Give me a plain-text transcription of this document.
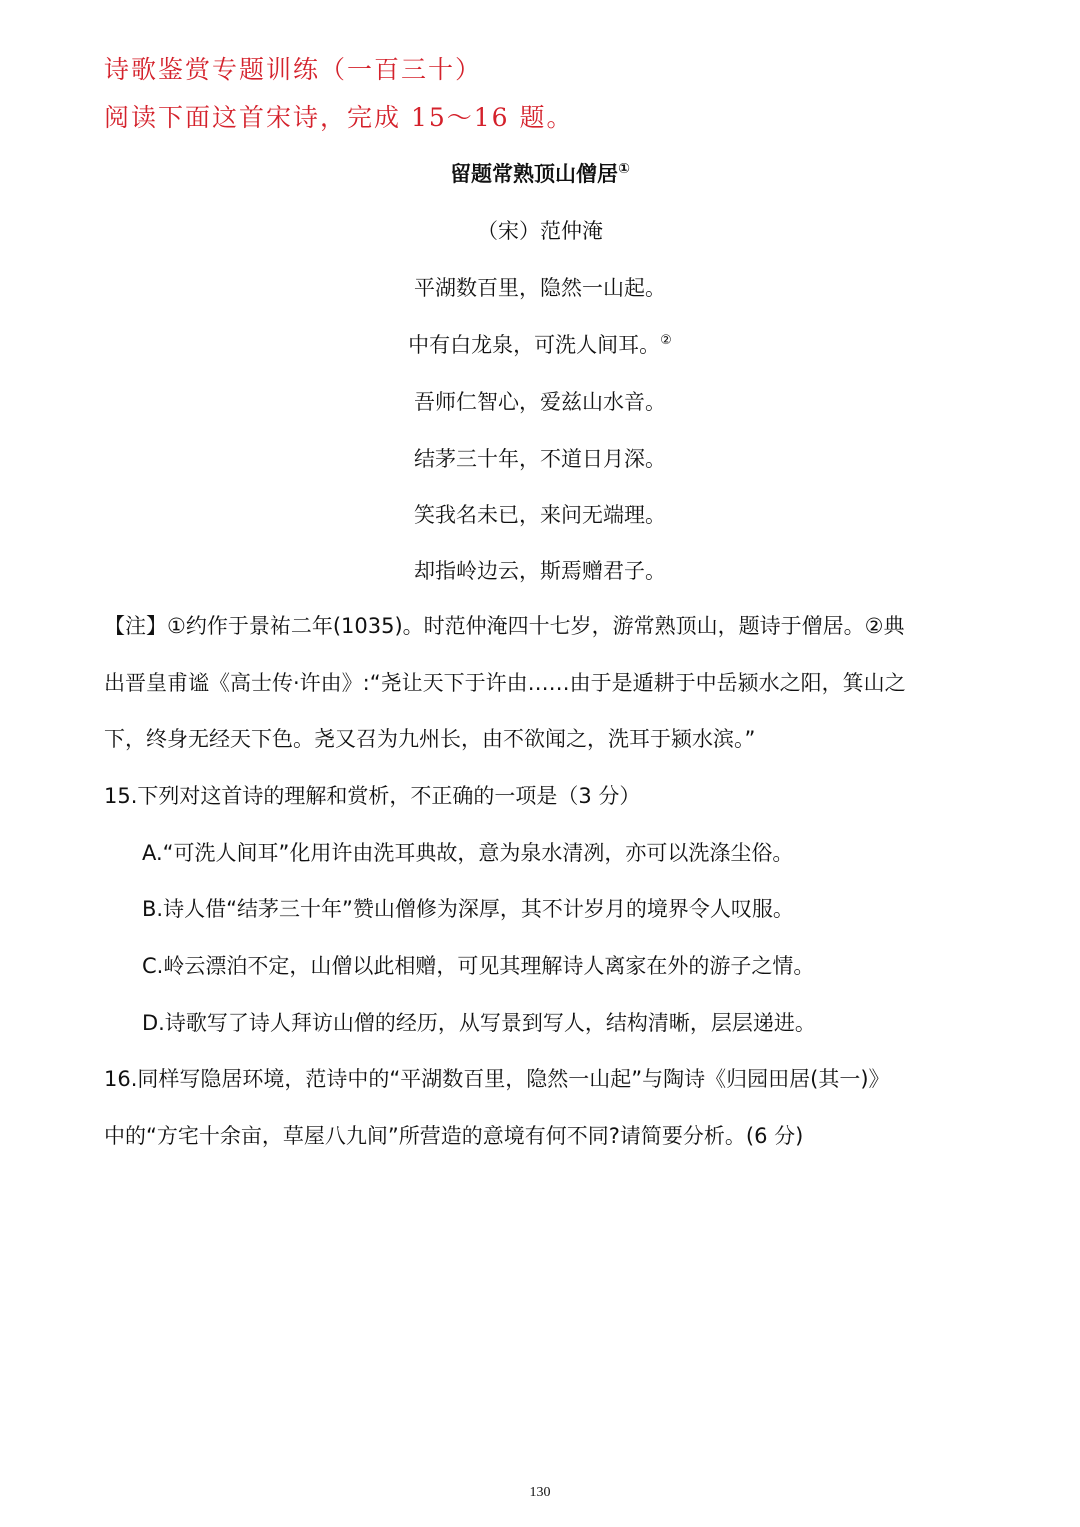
诗歌鉴赏专题训练（一百三十）
阅读下面这首宋诗，完成 15～16 题。
留题常熟顶山僧居①
（宋）范仲淹
平湖数百里，隐然一山起。
中有白龙泉，可洗人间耳。②
吾师仁智心，爱兹山水音。
结茅三十年，不道日月深。
笑我名未已，来问无端理。
却指岭边云，斯焉赠君子。
【注】①约作于景祐二年(1035)。时范仲淹四十七岁，游常熟顶山，题诗于僧居。②典
出晋皇甫谧《高士传·许由》:“尧让天下于许由……由于是遁耕于中岳颍水之阳，箕山之
下，终身无经天下色。尧又召为九州长，由不欲闻之，洗耳于颍水滨。”
15.下列对这首诗的理解和赏析，不正确的一项是（3 分）
A.“可洗人间耳”化用许由洗耳典故，意为泉水清冽，亦可以洗涤尘俗。
B.诗人借“结茅三十年”赞山僧修为深厚，其不计岁月的境界令人叹服。
C.岭云漂泊不定，山僧以此相赠，可见其理解诗人离家在外的游子之情。
D.诗歌写了诗人拜访山僧的经历，从写景到写人，结构清晰，层层递进。
16.同样写隐居环境，范诗中的“平湖数百里，隐然一山起”与陶诗《归园田居(其一)》
中的“方宅十余亩，草屋八九间”所营造的意境有何不同?请简要分析。(6 分)
130
